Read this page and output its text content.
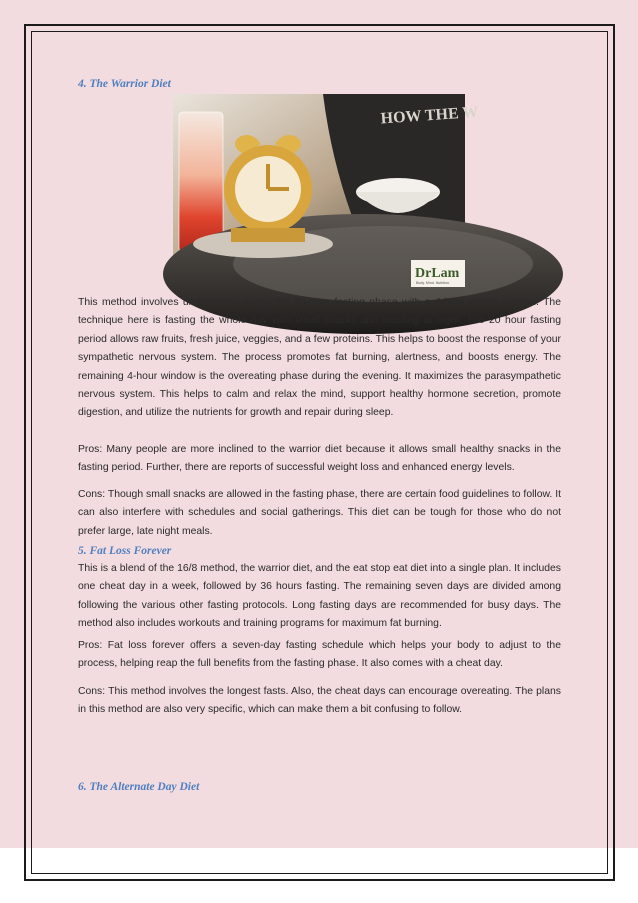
4. The Warrior Diet
HOW THE W
DrLam
Body. Mind. Nutrition.

This method involves undereating during the 20-hour fasting phase with a 4-hour eating window. The technique here is fasting the whole day with small snacks and feasting at night. The 20 hour fasting period allows raw fruits, fresh juice, veggies, and a few proteins. This helps to boost the response of your sympathetic nervous system. The process promotes fat burning, alertness, and boosts energy. The remaining 4-hour window is the overeating phase during the evening. It maximizes the parasympathetic nervous system. This helps to calm and relax the mind, support healthy hormone secretion, promote digestion, and utilize the nutrients for growth and repair during sleep.

Pros: Many people are more inclined to the warrior diet because it allows small healthy snacks in the fasting period. Further, there are reports of successful weight loss and enhanced energy levels.

Cons: Though small snacks are allowed in the fasting phase, there are certain food guidelines to follow. It can also interfere with schedules and social gatherings. This diet can be tough for those who do not prefer large, late night meals.

5. Fat Loss Forever

This is a blend of the 16/8 method, the warrior diet, and the eat stop eat diet into a single plan. It includes one cheat day in a week, followed by 36 hours fasting. The remaining seven days are divided among following the various other fasting protocols. Long fasting days are recommended for busy days. The method also includes workouts and training programs for maximum fat burning.

Pros: Fat loss forever offers a seven-day fasting schedule which helps your body to adjust to the process, helping reap the full benefits from the fasting phase. It also comes with a cheat day.

Cons: This method involves the longest fasts. Also, the cheat days can encourage overeating. The plans in this method are also very specific, which can make them a bit confusing to follow.

6. The Alternate Day Diet
